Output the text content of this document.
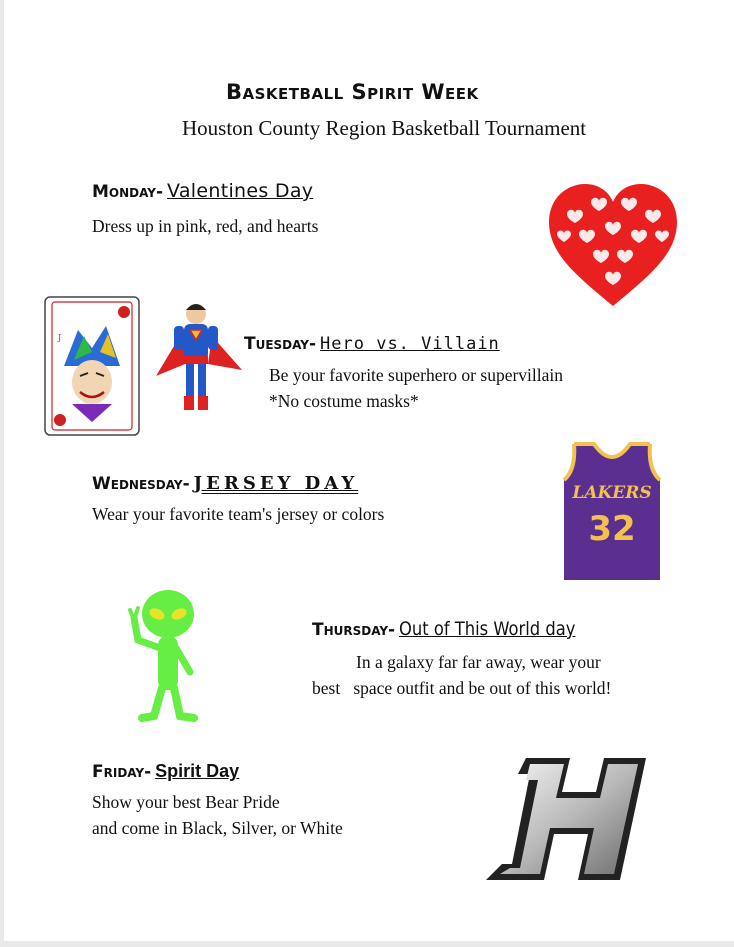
Basketball Spirit Week
Houston County Region Basketball Tournament
Monday- Valentines Day
Dress up in pink, red, and hearts
J	Tuesday- Hero vs. Villain
Be your favorite superhero or supervillain
*No costume masks*
Wednesday- JERSEY DAY
Wear your favorite team's jersey or colors
LAKERS
32
Thursday- Out of This World day
In a galaxy far far away, wear your
best   space outfit and be out of this world!
Friday- Spirit Day
Show your best Bear Pride
and come in Black, Silver, or White
